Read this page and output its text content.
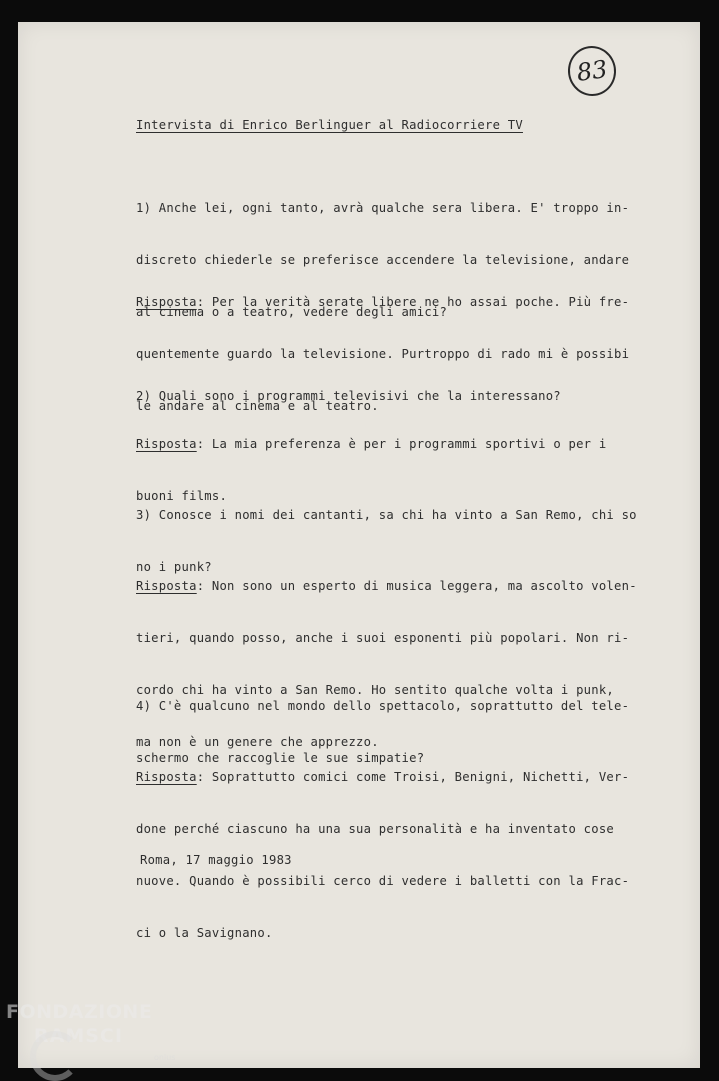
83
Intervista di Enrico Berlinguer al Radiocorriere TV

1) Anche lei, ogni tanto, avrà qualche sera libera. E' troppo in-

discreto chiederle se preferisce accendere la televisione, andare

al cinema o a teatro, vedere degli amici?

Risposta: Per la verità serate libere ne ho assai poche. Più fre-

quentemente guardo la televisione. Purtroppo di rado mi è possibi

le andare al cinema e al teatro.

2) Quali sono i programmi televisivi che la interessano?

Risposta: La mia preferenza è per i programmi sportivi o per i

buoni films.

3) Conosce i nomi dei cantanti, sa chi ha vinto a San Remo, chi so

no i punk?

Risposta: Non sono un esperto di musica leggera, ma ascolto volen-

tieri, quando posso, anche i suoi esponenti più popolari. Non ri-

cordo chi ha vinto a San Remo. Ho sentito qualche volta i punk,

ma non è un genere che apprezzo.

4) C'è qualcuno nel mondo dello spettacolo, soprattutto del tele-

schermo che raccoglie le sue simpatie?

Risposta: Soprattutto comici come Troisi, Benigni, Nichetti, Ver-

done perché ciascuno ha una sua personalità e ha inventato cose

nuove. Quando è possibili cerco di vedere i balletti con la Frac-

ci o la Savignano.

Roma, 17 maggio 1983
FONDAZIONE
RAMSCI
onlus
